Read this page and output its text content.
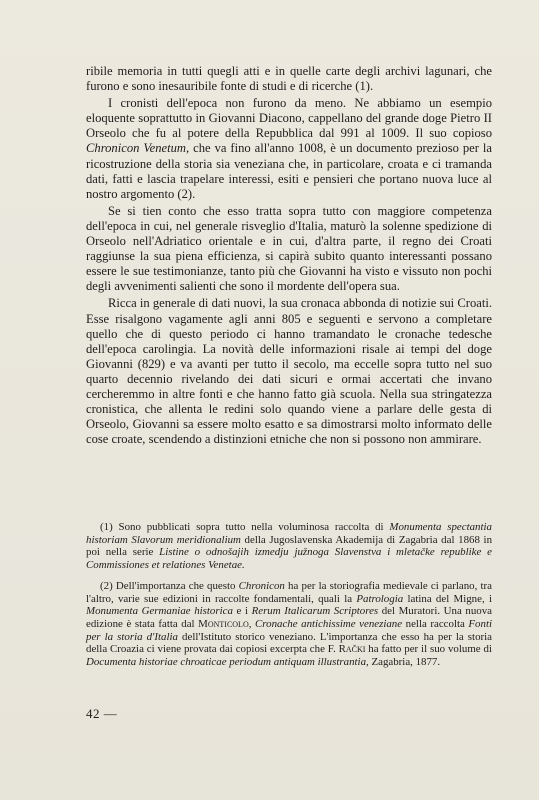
ribile memoria in tutti quegli atti e in quelle carte degli archivi lagunari, che furono e sono inesauribile fonte di studi e di ricerche (1).

I cronisti dell'epoca non furono da meno. Ne abbiamo un esempio eloquente soprattutto in Giovanni Diacono, cappellano del grande doge Pietro II Orseolo che fu al potere della Repubblica dal 991 al 1009. Il suo copioso Chronicon Venetum, che va fino all'anno 1008, è un documento prezioso per la ricostruzione della storia sia veneziana che, in particolare, croata e ci tramanda dati, fatti e lascia trapelare interessi, esiti e pensieri che portano nuova luce al nostro argomento (2).

Se si tien conto che esso tratta sopra tutto con maggiore competenza dell'epoca in cui, nel generale risveglio d'Italia, maturò la solenne spedizione di Orseolo nell'Adriatico orientale e in cui, d'altra parte, il regno dei Croati raggiunse la sua piena efficienza, si capirà subito quanto interessanti possano essere le sue testimonianze, tanto più che Giovanni ha visto e vissuto non pochi degli avvenimenti salienti che sono il mordente dell'opera sua.

Ricca in generale di dati nuovi, la sua cronaca abbonda di notizie sui Croati. Esse risalgono vagamente agli anni 805 e seguenti e servono a completare quello che di questo periodo ci hanno tramandato le cronache tedesche dell'epoca carolingia. La novità delle informazioni risale ai tempi del doge Giovanni (829) e va avanti per tutto il secolo, ma eccelle sopra tutto nel suo quarto decennio rivelando dei dati sicuri e ormai accertati che invano cercheremmo in altre fonti e che hanno fatto già scuola. Nella sua stringatezza cronistica, che allenta le redini solo quando viene a parlare delle gesta di Orseolo, Giovanni sa essere molto esatto e sa dimostrarsi molto informato delle cose croate, scendendo a distinzioni etniche che non si possono non ammirare.

(1) Sono pubblicati sopra tutto nella voluminosa raccolta di Monumenta spectantia historiam Slavorum meridionalium della Jugoslavenska Akademija di Zagabria dal 1868 in poi nella serie Listine o odnošajih izmedju južnoga Slavenstva i mletačke republike e Commissiones et relationes Venetae.

(2) Dell'importanza che questo Chronicon ha per la storiografia medievale ci parlano, tra l'altro, varie sue edizioni in raccolte fondamentali, quali la Patrologia latina del Migne, i Monumenta Germaniae historica e i Rerum Italicarum Scriptores del Muratori. Una nuova edizione è stata fatta dal Monticolo, Cronache antichissime veneziane nella raccolta Fonti per la storia d'Italia dell'Istituto storico veneziano. L'importanza che esso ha per la storia della Croazia ci viene provata dai copiosi excerpta che F. Rački ha fatto per il suo volume di Documenta historiae chroaticae periodum antiquam illustrantia, Zagabria, 1877.

42 —
